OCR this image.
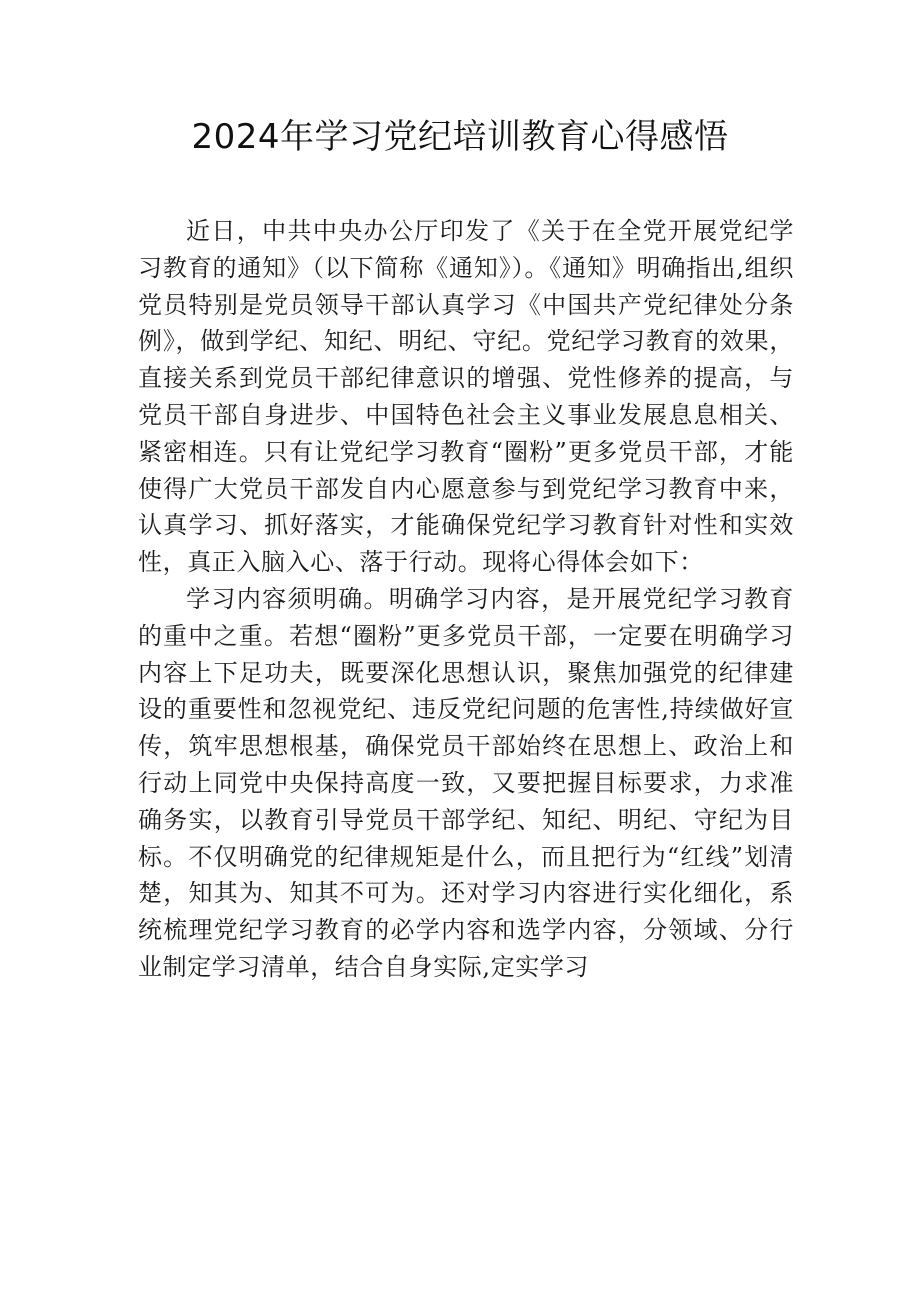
2024年学习党纪培训教育心得感悟

近日，中共中央办公厅印发了《关于在全党开展党纪学习教育的通知》（以下简称《通知》）。《通知》明确指出,组织党员特别是党员领导干部认真学习《中国共产党纪律处分条例》，做到学纪、知纪、明纪、守纪。党纪学习教育的效果，直接关系到党员干部纪律意识的增强、党性修养的提高，与党员干部自身进步、中国特色社会主义事业发展息息相关、紧密相连。只有让党纪学习教育“圈粉”更多党员干部，才能使得广大党员干部发自内心愿意参与到党纪学习教育中来，认真学习、抓好落实，才能确保党纪学习教育针对性和实效性，真正入脑入心、落于行动。现将心得体会如下：

学习内容须明确。明确学习内容，是开展党纪学习教育的重中之重。若想“圈粉”更多党员干部，一定要在明确学习内容上下足功夫，既要深化思想认识，聚焦加强党的纪律建设的重要性和忽视党纪、违反党纪问题的危害性,持续做好宣传，筑牢思想根基，确保党员干部始终在思想上、政治上和行动上同党中央保持高度一致，又要把握目标要求，力求准确务实，以教育引导党员干部学纪、知纪、明纪、守纪为目标。不仅明确党的纪律规矩是什么，而且把行为“红线”划清楚，知其为、知其不可为。还对学习内容进行实化细化，系统梳理党纪学习教育的必学内容和选学内容，分领域、分行业制定学习清单，结合自身实际,定实学习
